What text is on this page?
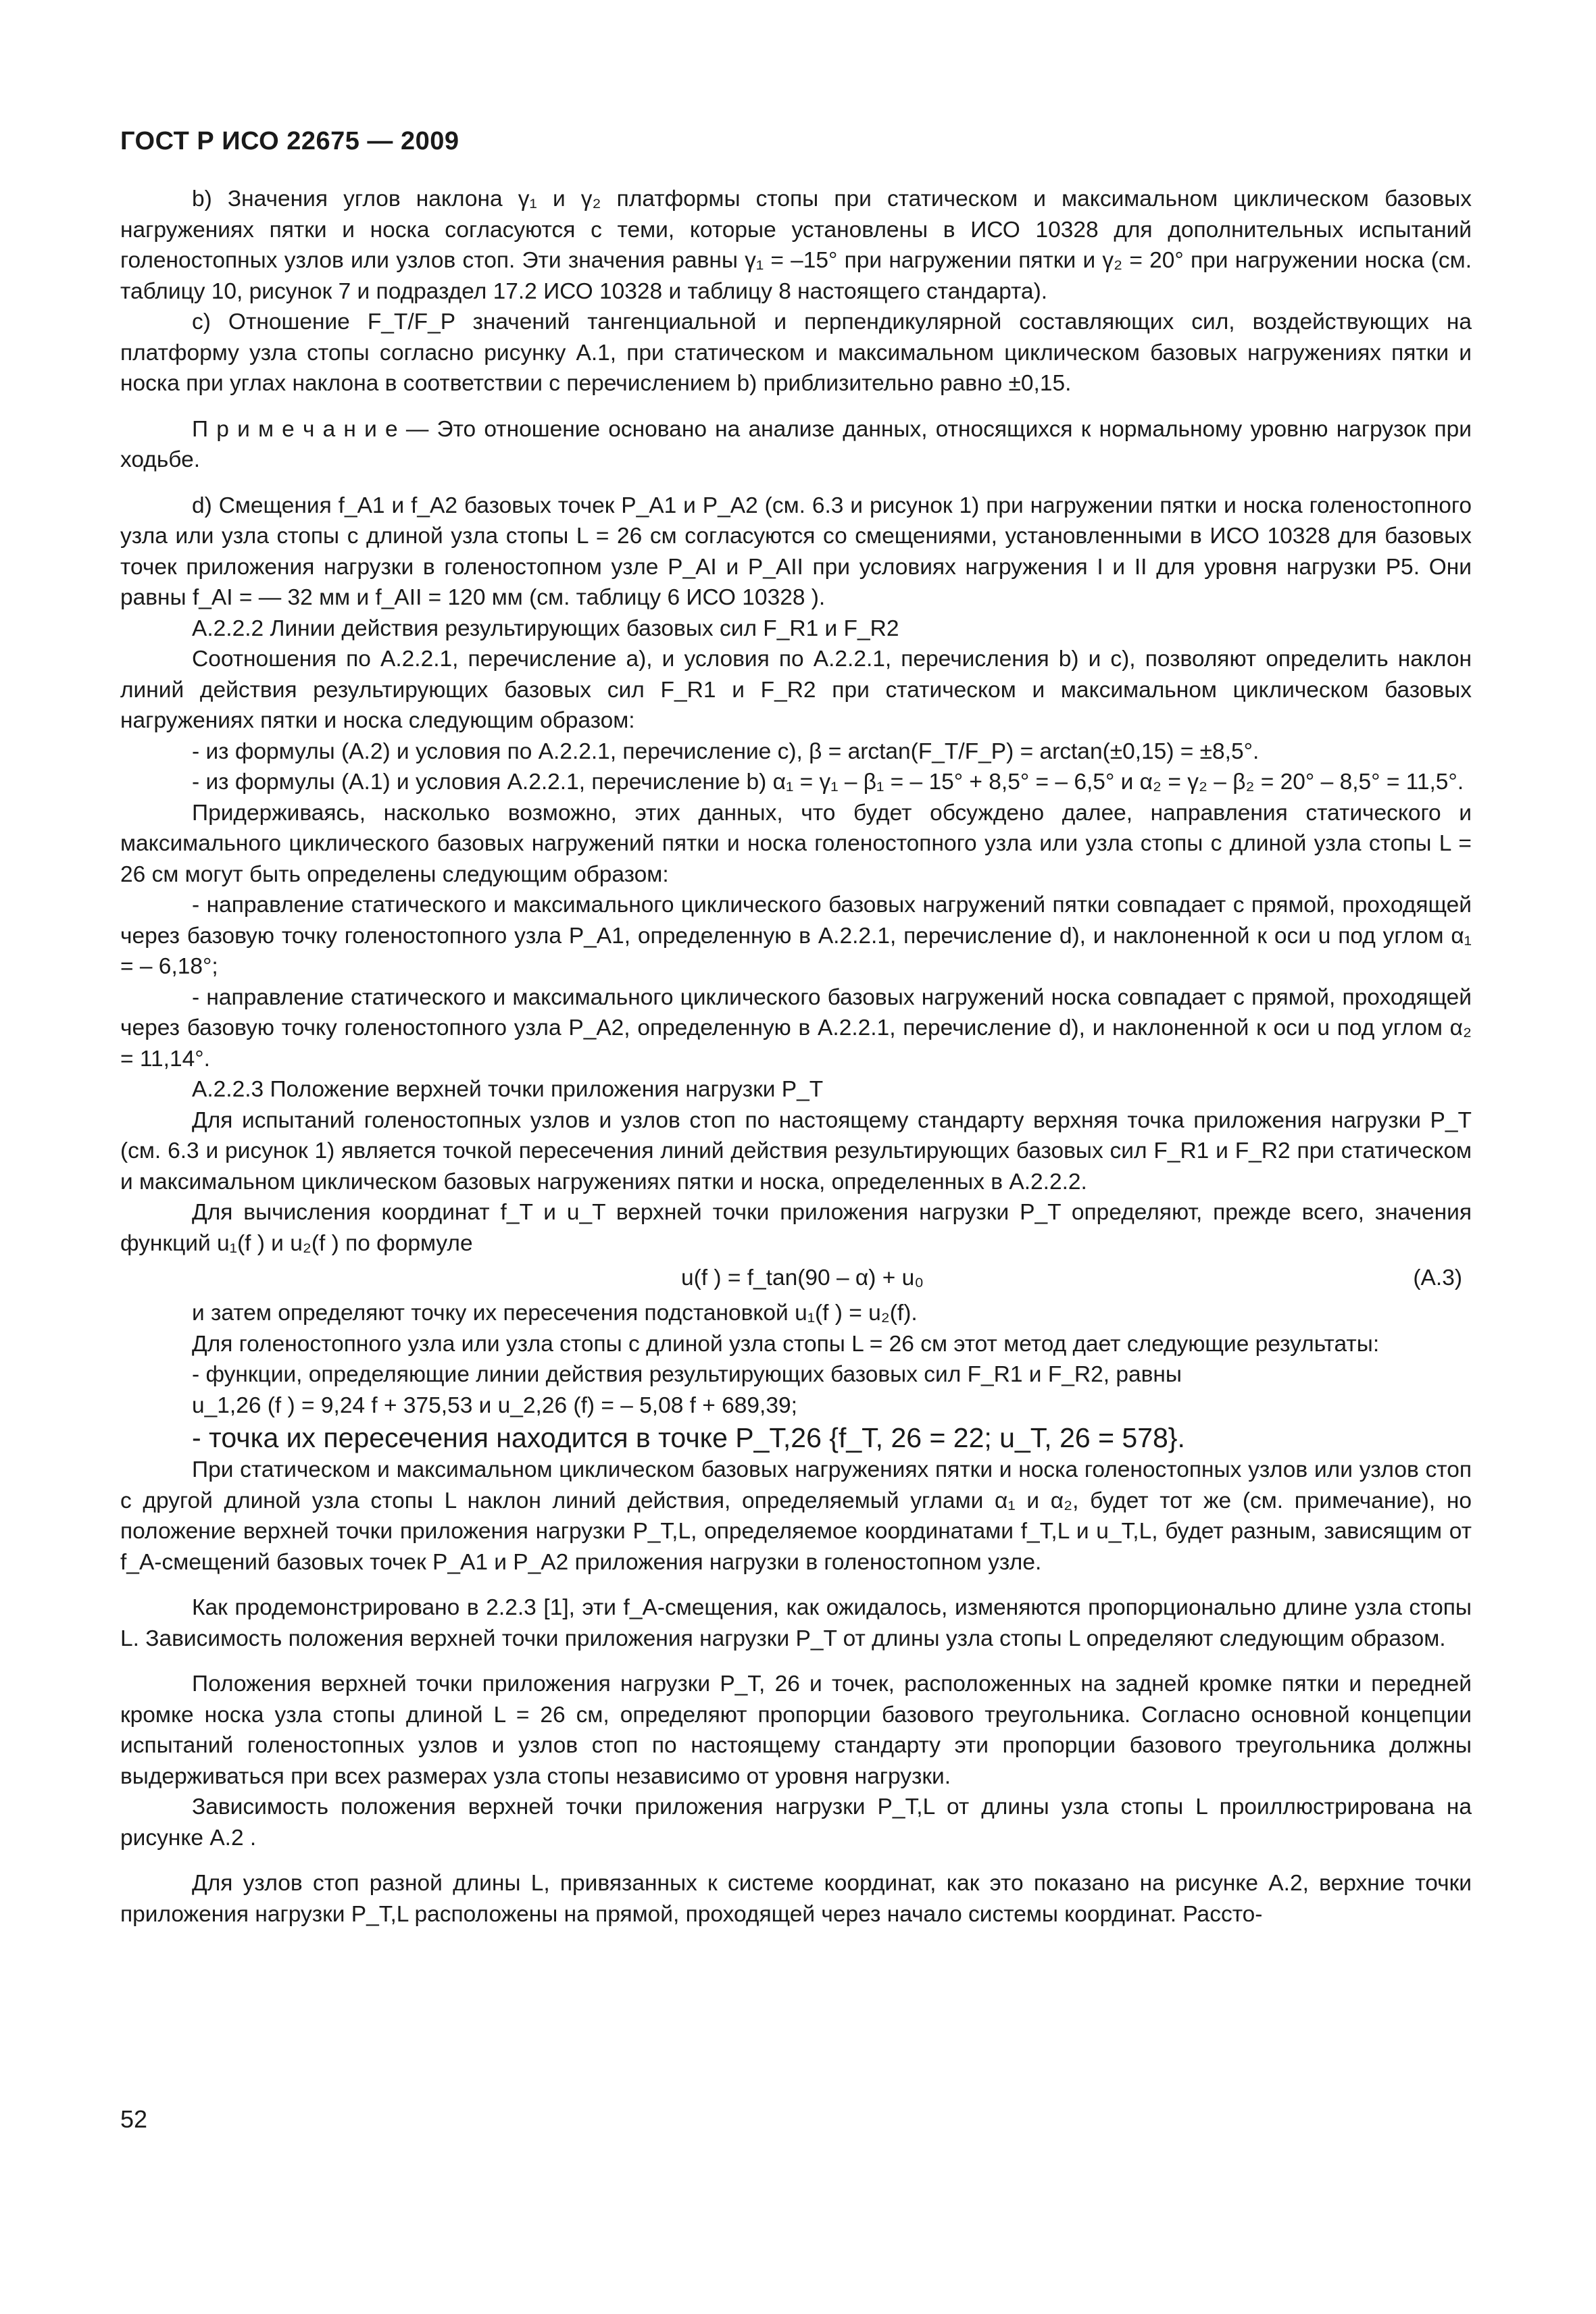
ГОСТ Р ИСО 22675 — 2009

b) Значения углов наклона γ₁ и γ₂ платформы стопы при статическом и максимальном циклическом базовых нагружениях пятки и носка согласуются с теми, которые установлены в ИСО 10328 для дополнительных испытаний голеностопных узлов или узлов стоп. Эти значения равны γ₁ = –15° при нагружении пятки и γ₂ = 20° при нагружении носка (см. таблицу 10, рисунок 7 и подраздел 17.2 ИСО 10328 и таблицу 8 настоящего стандарта).

c) Отношение F_T/F_P значений тангенциальной и перпендикулярной составляющих сил, воздействующих на платформу узла стопы согласно рисунку А.1, при статическом и максимальном циклическом базовых нагружениях пятки и носка при углах наклона в соответствии с перечислением b) приблизительно равно ±0,15.

П р и м е ч а н и е — Это отношение основано на анализе данных, относящихся к нормальному уровню нагрузок при ходьбе.

d) Смещения f_A1 и f_A2 базовых точек P_A1 и P_A2 (см. 6.3 и рисунок 1) при нагружении пятки и носка голеностопного узла или узла стопы с длиной узла стопы L = 26 см согласуются со смещениями, установленными в ИСО 10328 для базовых точек приложения нагрузки в голеностопном узле P_AI и P_AII при условиях нагружения I и II для уровня нагрузки Р5. Они равны f_AI = — 32 мм и f_AII = 120 мм (см. таблицу 6 ИСО 10328 ).

А.2.2.2 Линии действия результирующих базовых сил F_R1 и F_R2

Соотношения по А.2.2.1, перечисление а), и условия по А.2.2.1, перечисления b) и с), позволяют определить наклон линий действия результирующих базовых сил F_R1 и F_R2 при статическом и максимальном циклическом базовых нагружениях пятки и носка следующим образом:

- из формулы (А.2) и условия по А.2.2.1, перечисление с), β = arctan(F_T/F_P) = arctan(±0,15) = ±8,5°.

- из формулы (А.1) и условия А.2.2.1, перечисление b) α₁ = γ₁ – β₁ = – 15° + 8,5° = – 6,5° и α₂ = γ₂ – β₂ = 20° – 8,5° = 11,5°.

Придерживаясь, насколько возможно, этих данных, что будет обсуждено далее, направления статического и максимального циклического базовых нагружений пятки и носка голеностопного узла или узла стопы с длиной узла стопы L = 26 см могут быть определены следующим образом:

- направление статического и максимального циклического базовых нагружений пятки совпадает с прямой, проходящей через базовую точку голеностопного узла P_A1, определенную в А.2.2.1, перечисление d), и наклоненной к оси u под углом α₁ = – 6,18°;

- направление статического и максимального циклического базовых нагружений носка совпадает с прямой, проходящей через базовую точку голеностопного узла P_A2, определенную в А.2.2.1, перечисление d), и наклоненной к оси u под углом α₂ = 11,14°.

А.2.2.3 Положение верхней точки приложения нагрузки P_T

Для испытаний голеностопных узлов и узлов стоп по настоящему стандарту верхняя точка приложения нагрузки P_T (см. 6.3 и рисунок 1) является точкой пересечения линий действия результирующих базовых сил F_R1 и F_R2 при статическом и максимальном циклическом базовых нагружениях пятки и носка, определенных в А.2.2.2.

Для вычисления координат f_T и u_T верхней точки приложения нагрузки P_T определяют, прежде всего, значения функций u₁(f ) и u₂(f ) по формуле

u(f ) = f_tan(90 – α) + u₀	(А.3)

и затем определяют точку их пересечения подстановкой u₁(f ) = u₂(f).

Для голеностопного узла или узла стопы с длиной узла стопы L = 26 см этот метод дает следующие результаты:

- функции, определяющие линии действия результирующих базовых сил F_R1 и F_R2, равны

u_1,26 (f ) = 9,24 f + 375,53 и u_2,26 (f) = – 5,08 f + 689,39;

- точка их пересечения находится в точке P_T,26 {f_T, 26 = 22; u_T, 26 = 578}.

При статическом и максимальном циклическом базовых нагружениях пятки и носка голеностопных узлов или узлов стоп с другой длиной узла стопы L наклон линий действия, определяемый углами α₁ и α₂, будет тот же (см. примечание), но положение верхней точки приложения нагрузки P_T,L, определяемое координатами f_T,L и u_T,L, будет разным, зависящим от f_A-смещений базовых точек P_A1 и P_A2 приложения нагрузки в голеностопном узле.

Как продемонстрировано в 2.2.3 [1], эти f_A-смещения, как ожидалось, изменяются пропорционально длине узла стопы L. Зависимость положения верхней точки приложения нагрузки P_T от длины узла стопы L определяют следующим образом.

Положения верхней точки приложения нагрузки P_T, 26 и точек, расположенных на задней кромке пятки и передней кромке носка узла стопы длиной L = 26 см, определяют пропорции базового треугольника. Согласно основной концепции испытаний голеностопных узлов и узлов стоп по настоящему стандарту эти пропорции базового треугольника должны выдерживаться при всех размерах узла стопы независимо от уровня нагрузки.

Зависимость положения верхней точки приложения нагрузки P_T,L от длины узла стопы L проиллюстрирована на рисунке А.2 .

Для узлов стоп разной длины L, привязанных к системе координат, как это показано на рисунке А.2, верхние точки приложения нагрузки P_T,L расположены на прямой, проходящей через начало системы координат. Рассто-

52
